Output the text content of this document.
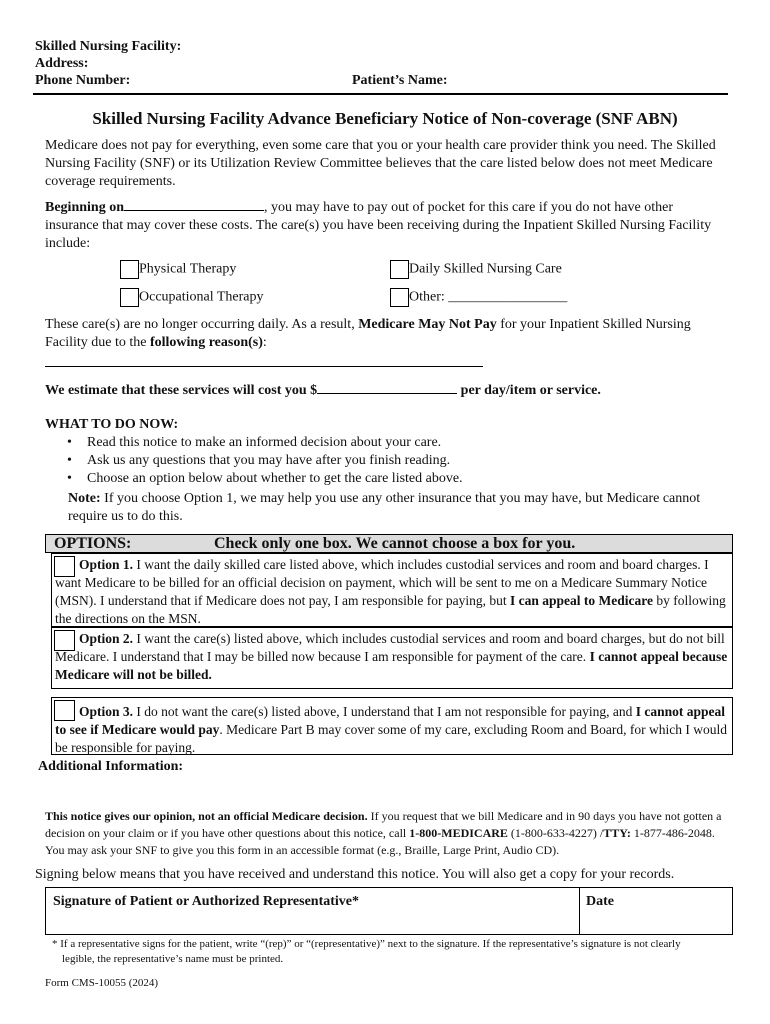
Skilled Nursing Facility:
Address:
Phone Number:	Patient’s Name:
Skilled Nursing Facility Advance Beneficiary Notice of Non-coverage (SNF ABN)
Medicare does not pay for everything, even some care that you or your health care provider think you need. The Skilled Nursing Facility (SNF) or its Utilization Review Committee believes that the care listed below does not meet Medicare coverage requirements.
Beginning on	, you may have to pay out of pocket for this care if you do not have other insurance that may cover these costs. The care(s) you have been receiving during the Inpatient Skilled Nursing Facility include:
Physical Therapy	Daily Skilled Nursing Care
Occupational Therapy	Other: _________________
These care(s) are no longer occurring daily. As a result, Medicare May Not Pay for your Inpatient Skilled Nursing Facility due to the following reason(s):
We estimate that these services will cost you $	per day/item or service.
WHAT TO DO NOW:
• Read this notice to make an informed decision about your care.
• Ask us any questions that you may have after you finish reading.
• Choose an option below about whether to get the care listed above.
Note: If you choose Option 1, we may help you use any other insurance that you may have, but Medicare cannot require us to do this.
OPTIONS:	Check only one box. We cannot choose a box for you.
Option 1. I want the daily skilled care listed above, which includes custodial services and room and board charges. I want Medicare to be billed for an official decision on payment, which will be sent to me on a Medicare Summary Notice (MSN). I understand that if Medicare does not pay, I am responsible for paying, but I can appeal to Medicare by following the directions on the MSN.
Option 2. I want the care(s) listed above, which includes custodial services and room and board charges, but do not bill Medicare. I understand that I may be billed now because I am responsible for payment of the care. I cannot appeal because Medicare will not be billed.
Option 3. I do not want the care(s) listed above, I understand that I am not responsible for paying, and I cannot appeal to see if Medicare would pay. Medicare Part B may cover some of my care, excluding Room and Board, for which I would be responsible for paying.
Additional Information:
This notice gives our opinion, not an official Medicare decision. If you request that we bill Medicare and in 90 days you have not gotten a decision on your claim or if you have other questions about this notice, call 1-800-MEDICARE (1-800-633-4227) /TTY: 1-877-486-2048. You may ask your SNF to give you this form in an accessible format (e.g., Braille, Large Print, Audio CD).
Signing below means that you have received and understand this notice. You will also get a copy for your records.
Signature of Patient or Authorized Representative*	Date
* If a representative signs for the patient, write “(rep)” or “(representative)” next to the signature. If the representative’s signature is not clearly legible, the representative’s name must be printed.
Form CMS-10055 (2024)
